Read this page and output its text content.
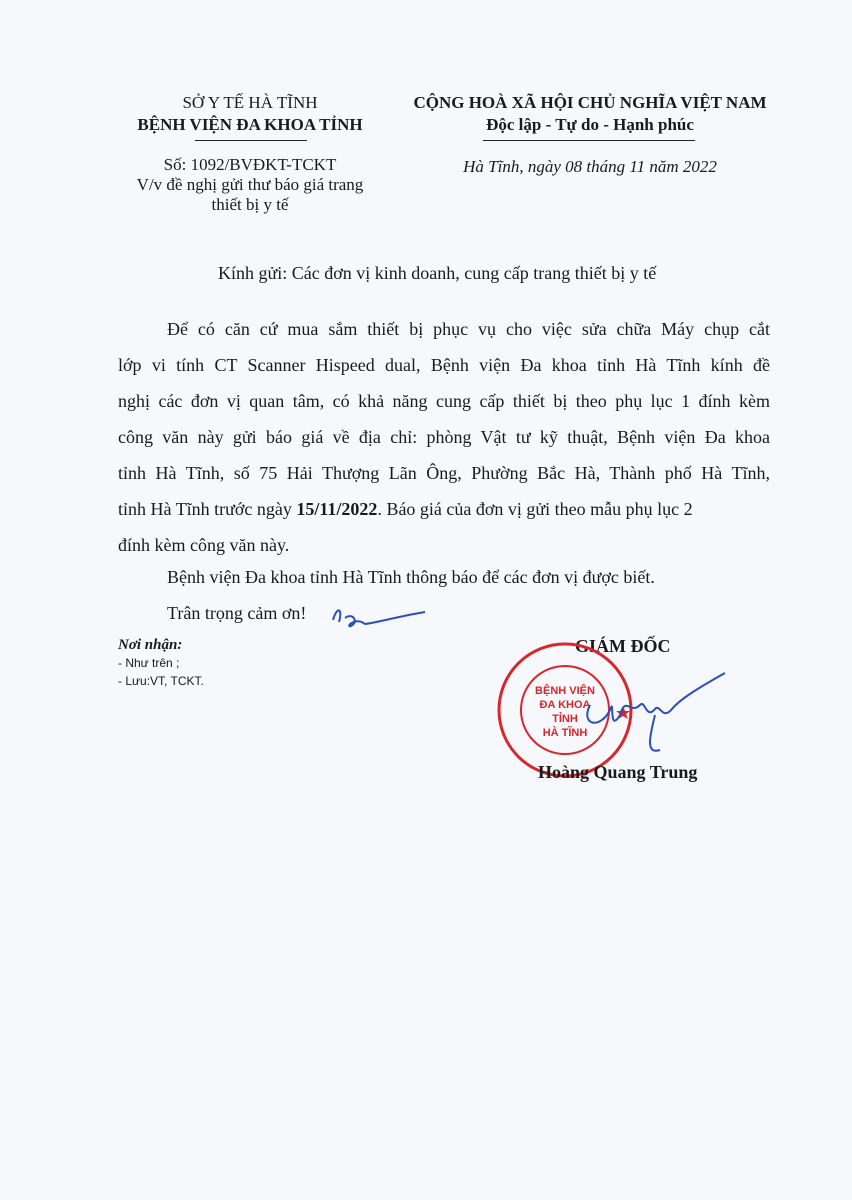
SỞ Y TẾ HÀ TĨNH
BỆNH VIỆN ĐA KHOA TỈNH
Số: 1092/BVĐKT-TCKT
V/v đề nghị gửi thư báo giá trang
thiết bị y tế
CỘNG HOÀ XÃ HỘI CHỦ NGHĨA VIỆT NAM
Độc lập - Tự do - Hạnh phúc
Hà Tĩnh, ngày 08 tháng 11 năm 2022
Kính gửi: Các đơn vị kinh doanh, cung cấp trang thiết bị y tế
Để có căn cứ mua sắm thiết bị phục vụ cho việc sửa chữa Máy chụp cắt
lớp vi tính CT Scanner Hispeed dual, Bệnh viện Đa khoa tỉnh Hà Tĩnh kính đề
nghị các đơn vị quan tâm, có khả năng cung cấp thiết bị theo phụ lục 1 đính kèm
công văn này gửi báo giá về địa chỉ: phòng Vật tư kỹ thuật, Bệnh viện Đa khoa
tỉnh Hà Tĩnh, số 75 Hải Thượng Lãn Ông, Phường Bắc Hà, Thành phố Hà Tĩnh,
tỉnh Hà Tĩnh trước ngày 15/11/2022. Báo giá của đơn vị gửi theo mẫu phụ lục 2
đính kèm công văn này.
Bệnh viện Đa khoa tỉnh Hà Tĩnh thông báo để các đơn vị được biết.
Trân trọng cảm ơn!
Nơi nhận:
- Như trên ;
- Lưu:VT, TCKT.
GIÁM ĐỐC
BỆNH VIỆN
ĐA KHOA
TỈNH
HÀ TĨNH
Hoàng Quang Trung
